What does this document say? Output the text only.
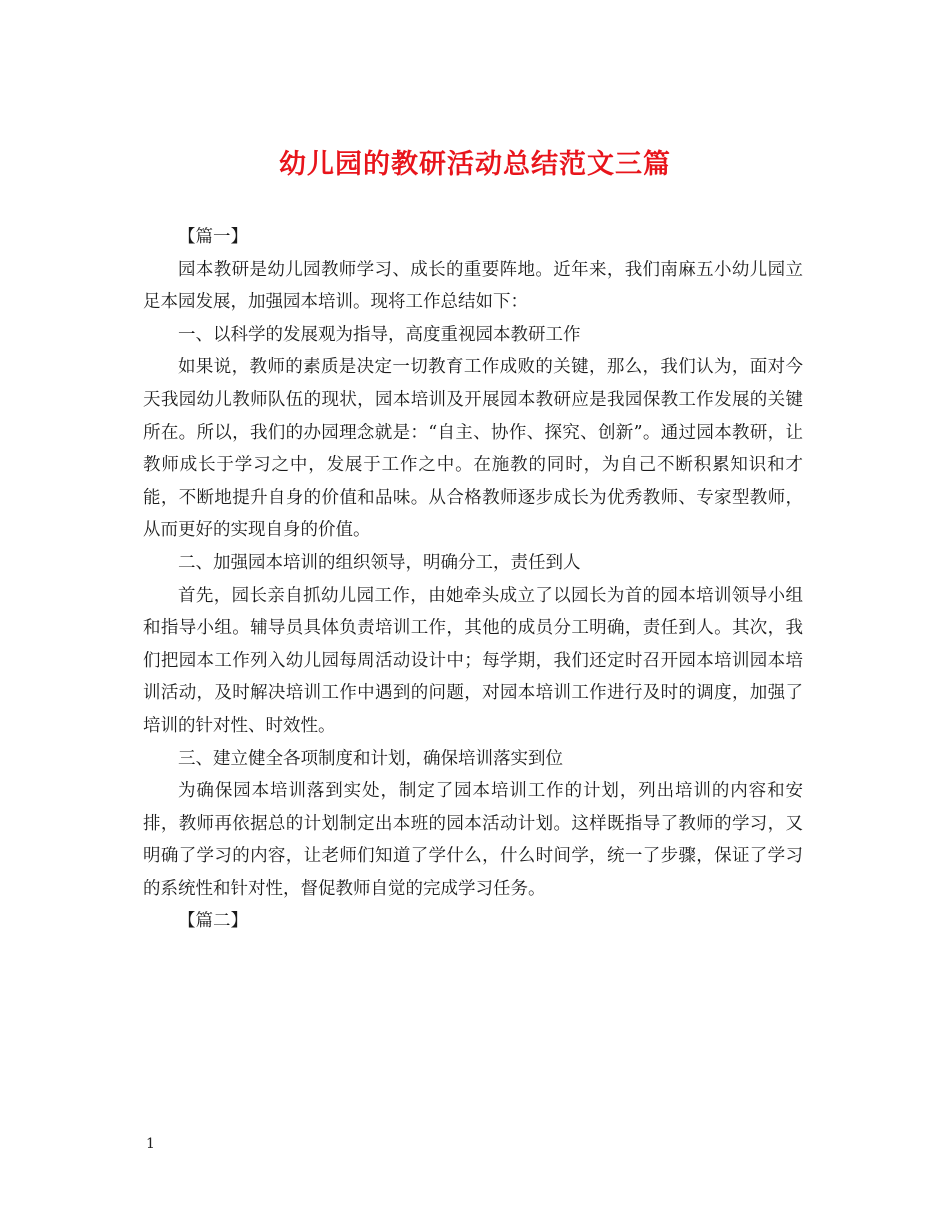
幼儿园的教研活动总结范文三篇

【篇一】

园本教研是幼儿园教师学习、成长的重要阵地。近年来，我们南麻五小幼儿园立足本园发展，加强园本培训。现将工作总结如下：

一、以科学的发展观为指导，高度重视园本教研工作

如果说，教师的素质是决定一切教育工作成败的关键，那么，我们认为，面对今天我园幼儿教师队伍的现状，园本培训及开展园本教研应是我园保教工作发展的关键所在。所以，我们的办园理念就是：“自主、协作、探究、创新”。通过园本教研，让教师成长于学习之中，发展于工作之中。在施教的同时，为自己不断积累知识和才能，不断地提升自身的价值和品味。从合格教师逐步成长为优秀教师、专家型教师，从而更好的实现自身的价值。

二、加强园本培训的组织领导，明确分工，责任到人

首先，园长亲自抓幼儿园工作，由她牵头成立了以园长为首的园本培训领导小组和指导小组。辅导员具体负责培训工作，其他的成员分工明确，责任到人。其次，我们把园本工作列入幼儿园每周活动设计中；每学期，我们还定时召开园本培训园本培训活动，及时解决培训工作中遇到的问题，对园本培训工作进行及时的调度，加强了培训的针对性、时效性。

三、建立健全各项制度和计划，确保培训落实到位

为确保园本培训落到实处，制定了园本培训工作的计划，列出培训的内容和安排，教师再依据总的计划制定出本班的园本活动计划。这样既指导了教师的学习，又明确了学习的内容，让老师们知道了学什么，什么时间学，统一了步骤，保证了学习的系统性和针对性，督促教师自觉的完成学习任务。

【篇二】

1
